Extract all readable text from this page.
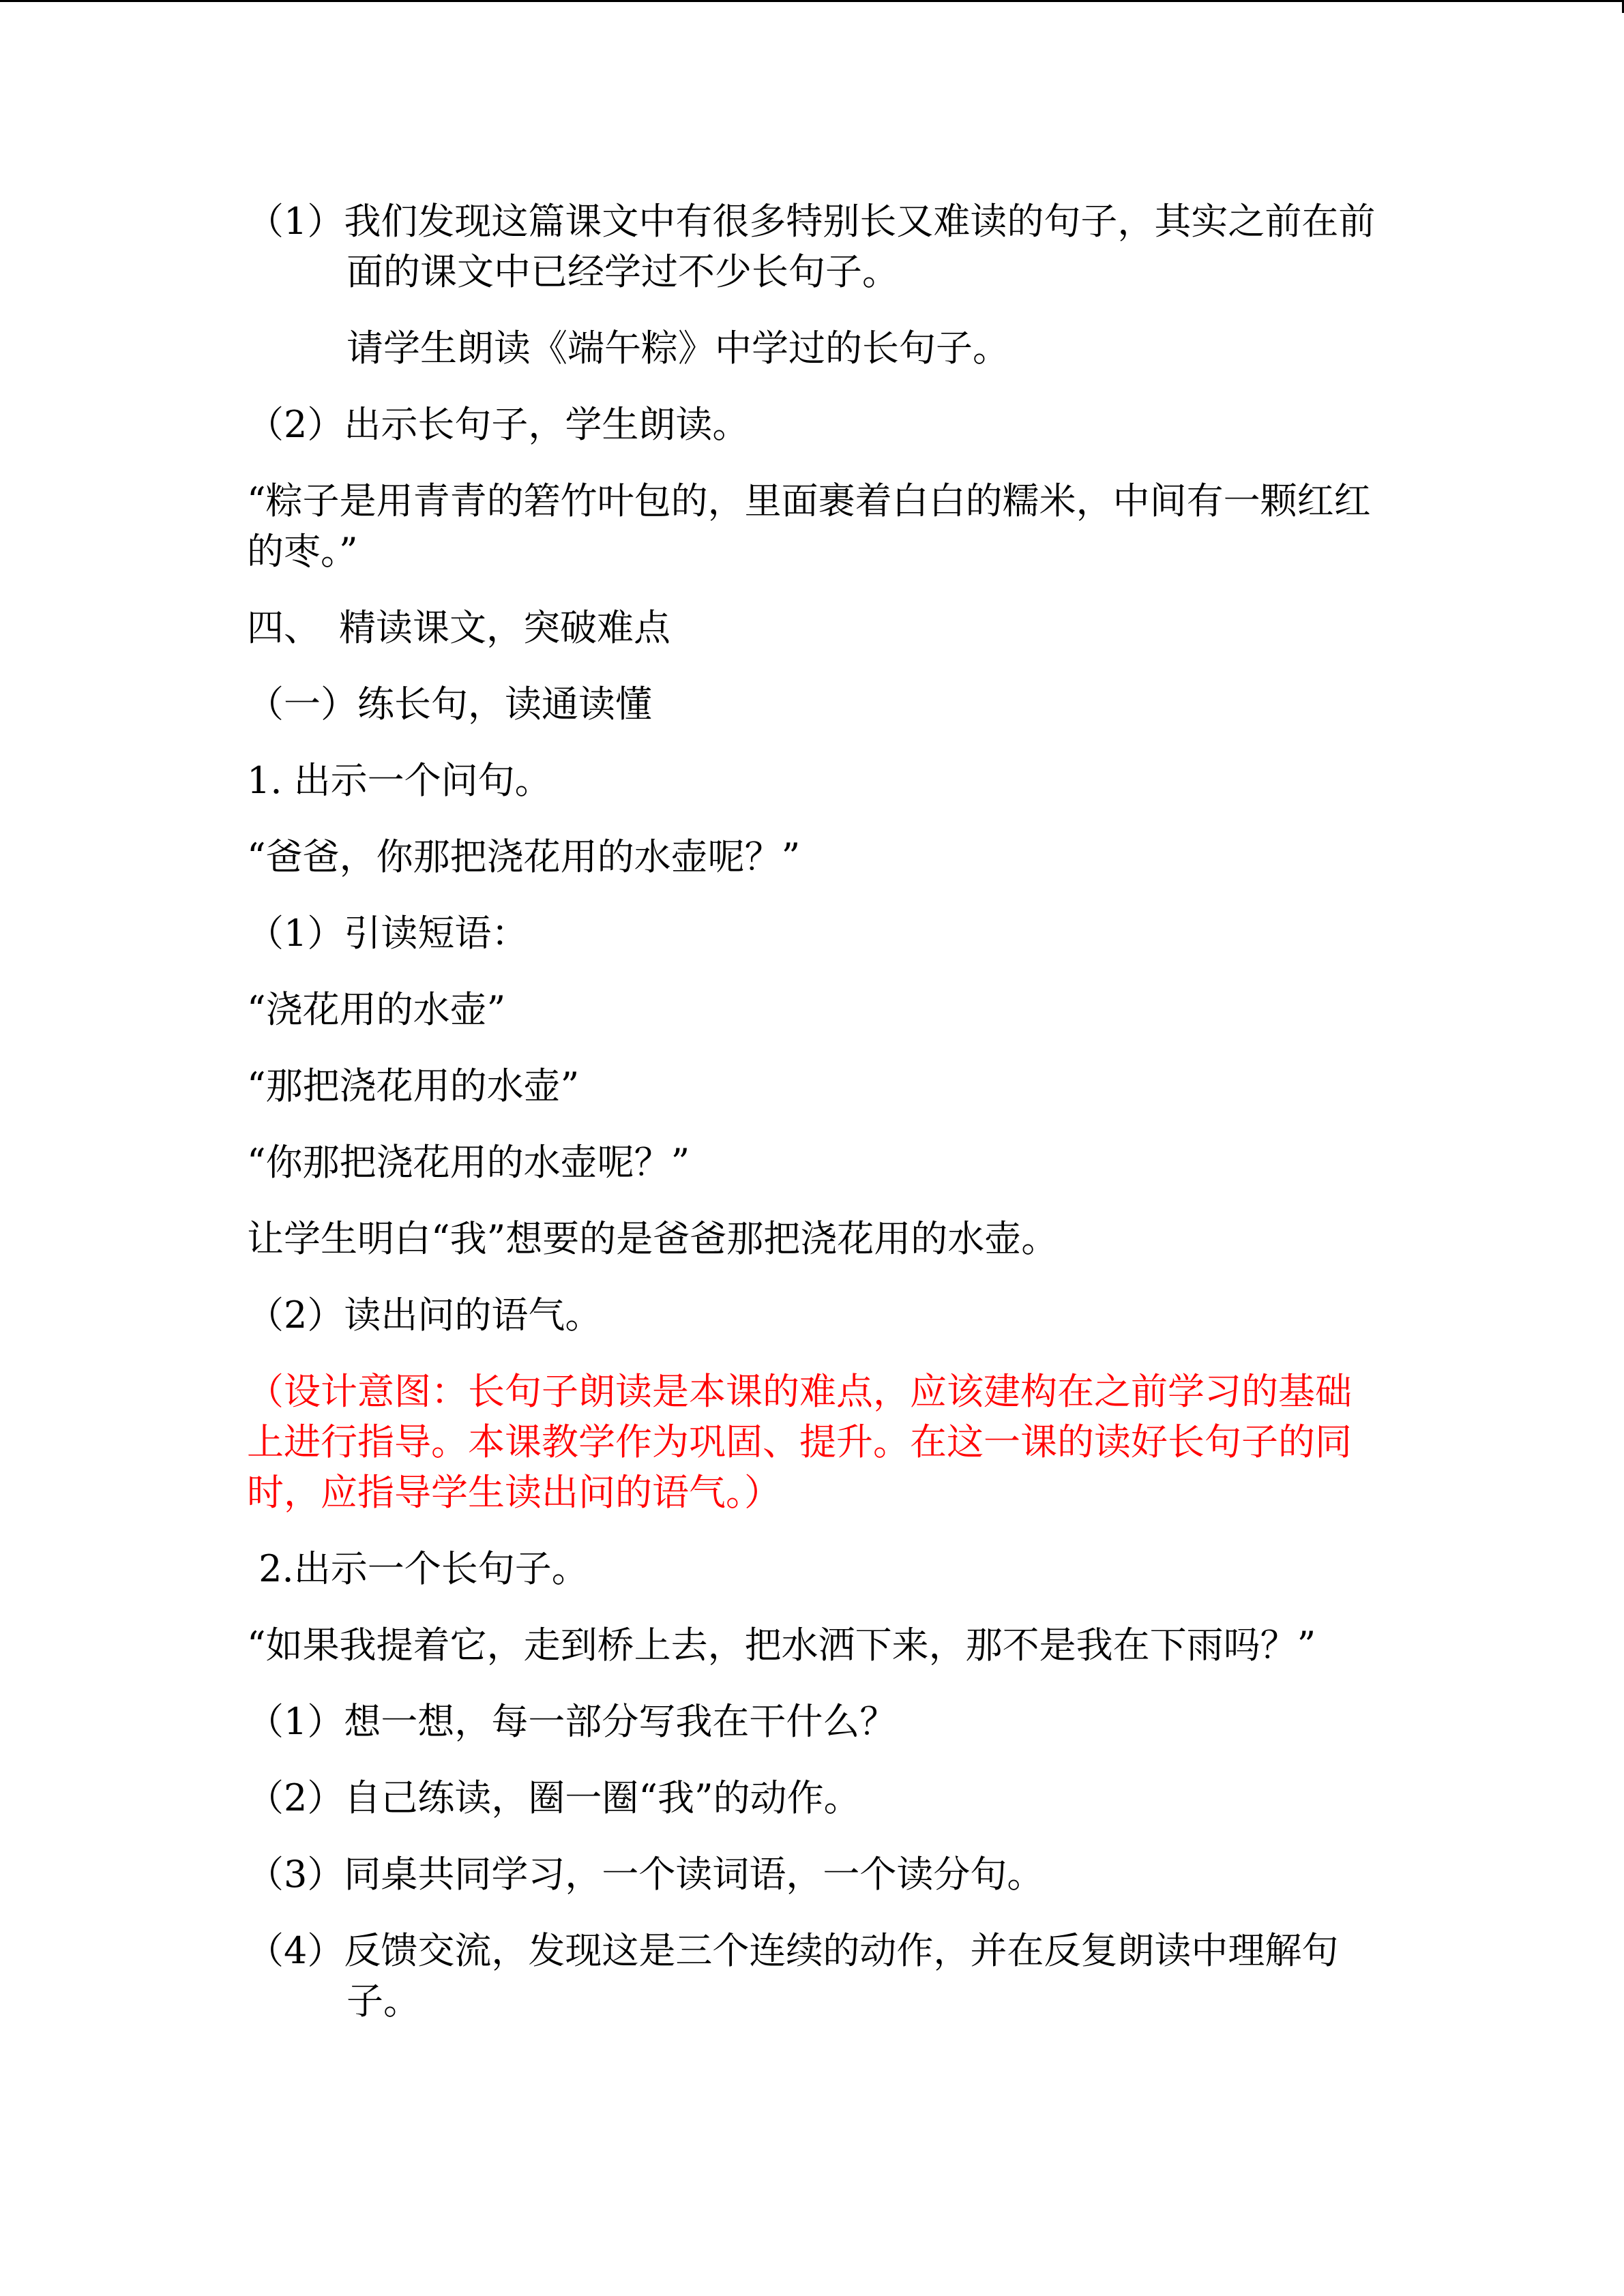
（1）我们发现这篇课文中有很多特别长又难读的句子，其实之前在前面的课文中已经学过不少长句子。

请学生朗读《端午粽》中学过的长句子。

（2）出示长句子，学生朗读。

“粽子是用青青的箬竹叶包的，里面裹着白白的糯米，中间有一颗红红的枣。”

四、　精读课文，突破难点

（一）练长句，读通读懂

1. 出示一个问句。

“爸爸，你那把浇花用的水壶呢？”

（1）引读短语：

“浇花用的水壶”

“那把浇花用的水壶”

“你那把浇花用的水壶呢？”

让学生明白“我”想要的是爸爸那把浇花用的水壶。

（2）读出问的语气。

（设计意图：长句子朗读是本课的难点，应该建构在之前学习的基础上进行指导。本课教学作为巩固、提升。在这一课的读好长句子的同时，应指导学生读出问的语气。）

2.出示一个长句子。

“如果我提着它，走到桥上去，把水洒下来，那不是我在下雨吗？”

（1）想一想，每一部分写我在干什么？

（2）自己练读，圈一圈“我”的动作。

（3）同桌共同学习，一个读词语，一个读分句。

（4）反馈交流，发现这是三个连续的动作，并在反复朗读中理解句子。
